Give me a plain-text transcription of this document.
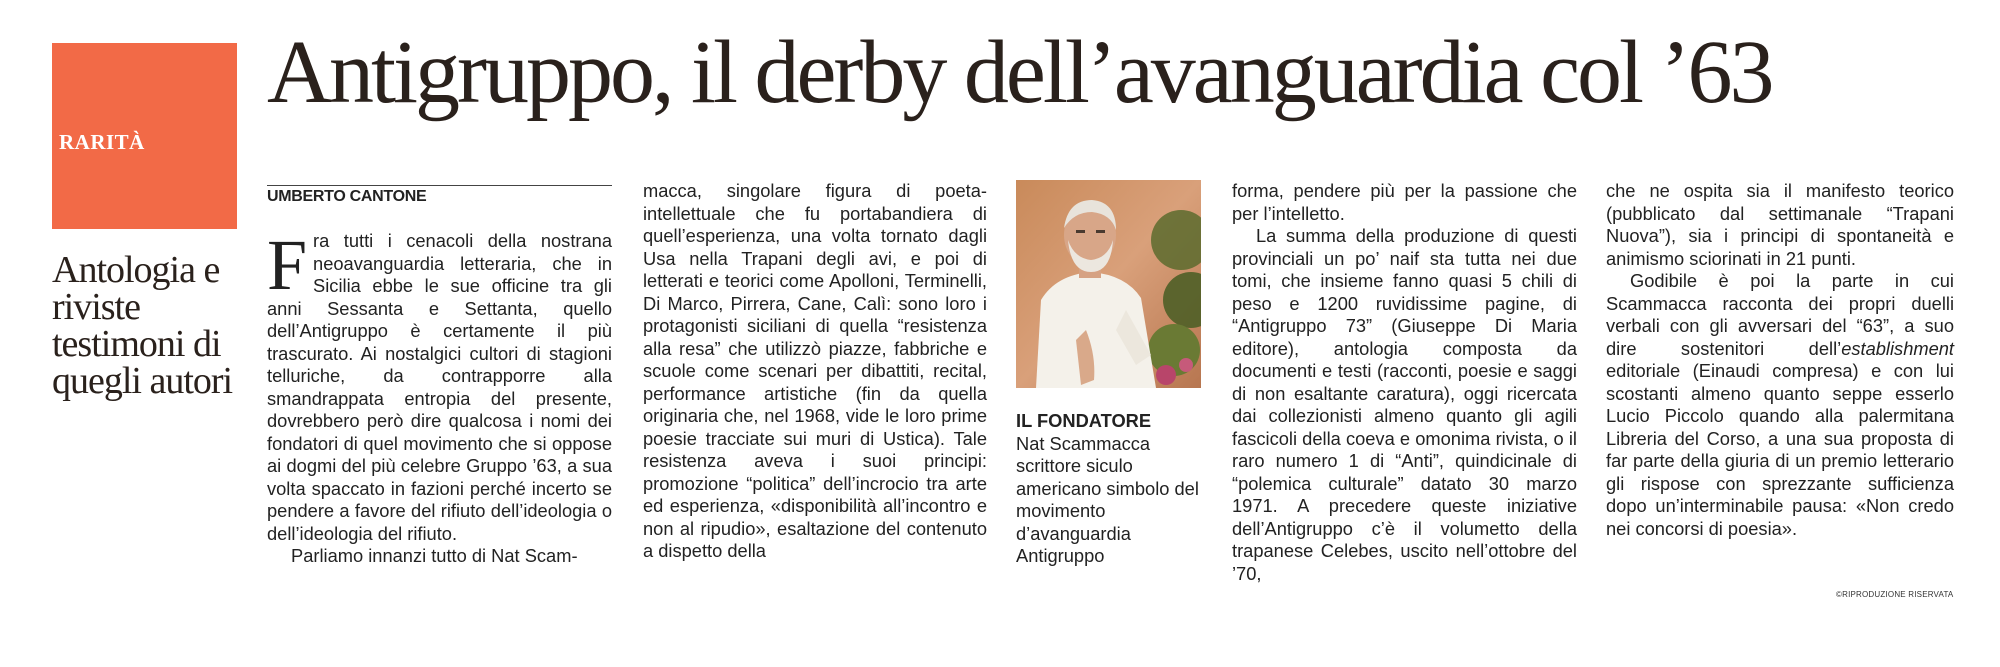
RARITÀ
Antigruppo, il derby dell’avanguardia col ’63
Antologia e riviste testimoni di quegli autori
UMBERTO CANTONE

Fra tutti i cenacoli della nostrana neoavanguardia letteraria, che in Sicilia ebbe le sue officine tra gli anni Sessanta e Settanta, quello dell’Antigruppo è certamente il più trascurato. Ai nostalgici cultori di stagioni telluriche, da contrapporre alla smandrappata entropia del presente, dovrebbero però dire qualcosa i nomi dei fondatori di quel movimento che si oppose ai dogmi del più celebre Gruppo ’63, a sua volta spaccato in fazioni perché incerto se pendere a favore del rifiuto dell’ideologia o dell’ideologia del rifiuto.

Parliamo innanzi tutto di Nat Scam-

macca, singolare figura di poeta-intellettuale che fu portabandiera di quell’esperienza, una volta tornato dagli Usa nella Trapani degli avi, e poi di letterati e teorici come Apolloni, Terminelli, Di Marco, Pirrera, Cane, Calì: sono loro i protagonisti siciliani di quella “resistenza alla resa” che utilizzò piazze, fabbriche e scuole come scenari per dibattiti, recital, performance artistiche (fin da quella originaria che, nel 1968, vide le loro prime poesie tracciate sui muri di Ustica). Tale resistenza aveva i suoi principi: promozione “politica” dell’incrocio tra arte ed esperienza, «disponibilità all’incontro e non al ripudio», esaltazione del contenuto a dispetto della

IL FONDATORE
Nat Scammacca scrittore siculo americano simbolo del movimento d’avanguardia Antigruppo

forma, pendere più per la passione che per l’intelletto.

La summa della produzione di questi provinciali un po’ naif sta tutta nei due tomi, che insieme fanno quasi 5 chili di peso e 1200 ruvidissime pagine, di “Antigruppo 73” (Giuseppe Di Maria editore), antologia composta da documenti e testi (racconti, poesie e saggi di non esaltante caratura), oggi ricercata dai collezionisti almeno quanto gli agili fascicoli della coeva e omonima rivista, o il raro numero 1 di “Anti”, quindicinale di “polemica culturale” datato 30 marzo 1971. A precedere queste iniziative dell’Antigruppo c’è il volumetto della trapanese Celebes, uscito nell’ottobre del ’70,

che ne ospita sia il manifesto teorico (pubblicato dal settimanale “Trapani Nuova”), sia i principi di spontaneità e animismo sciorinati in 21 punti.

Godibile è poi la parte in cui Scammacca racconta dei propri duelli verbali con gli avversari del “63”, a suo dire sostenitori dell’establishment editoriale (Einaudi compresa) e con lui scostanti almeno quanto seppe esserlo Lucio Piccolo quando alla palermitana Libreria del Corso, a una sua proposta di far parte della giuria di un premio letterario gli rispose con sprezzante sufficienza dopo un’interminabile pausa: «Non credo nei concorsi di poesia».

©RIPRODUZIONE RISERVATA
